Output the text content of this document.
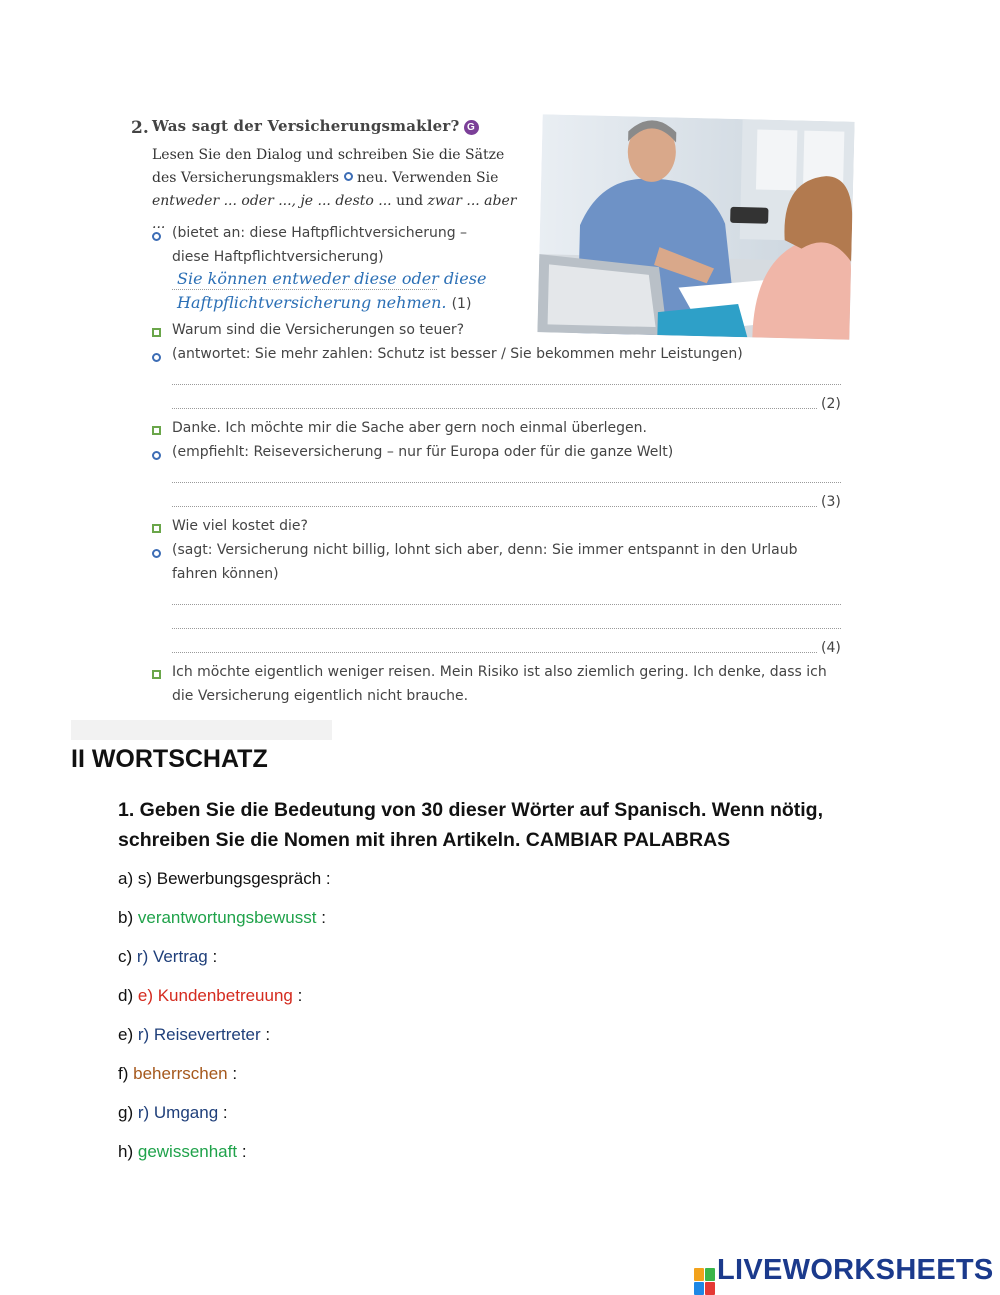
2. Was sagt der Versicherungsmakler? G
Lesen Sie den Dialog und schreiben Sie die Sätze
des Versicherungsmaklers neu. Verwenden Sie
entweder ... oder ..., je ... desto ... und zwar ... aber ...
(bietet an: diese Haftpflichtversicherung –
diese Haftpflichtversicherung)
Sie können entweder diese oder diese
Haftpflichtversicherung nehmen. (1)
Warum sind die Versicherungen so teuer?
(antwortet: Sie mehr zahlen: Schutz ist besser / Sie bekommen mehr Leistungen)
(2)
Danke. Ich möchte mir die Sache aber gern noch einmal überlegen.
(empfiehlt: Reiseversicherung – nur für Europa oder für die ganze Welt)
(3)
Wie viel kostet die?
(sagt: Versicherung nicht billig, lohnt sich aber, denn: Sie immer entspannt in den Urlaub
fahren können)
(4)
Ich möchte eigentlich weniger reisen. Mein Risiko ist also ziemlich gering. Ich denke, dass ich
die Versicherung eigentlich nicht brauche.
II WORTSCHATZ
1. Geben Sie die Bedeutung von 30 dieser Wörter auf Spanisch. Wenn nötig,
schreiben Sie die Nomen mit ihren Artikeln. CAMBIAR PALABRAS
a) s) Bewerbungsgespräch :
b) verantwortungsbewusst :
c) r) Vertrag :
d) e) Kundenbetreuung :
e) r) Reisevertreter :
f) beherrschen :
g) r) Umgang :
h) gewissenhaft :
LIVEWORKSHEETS
